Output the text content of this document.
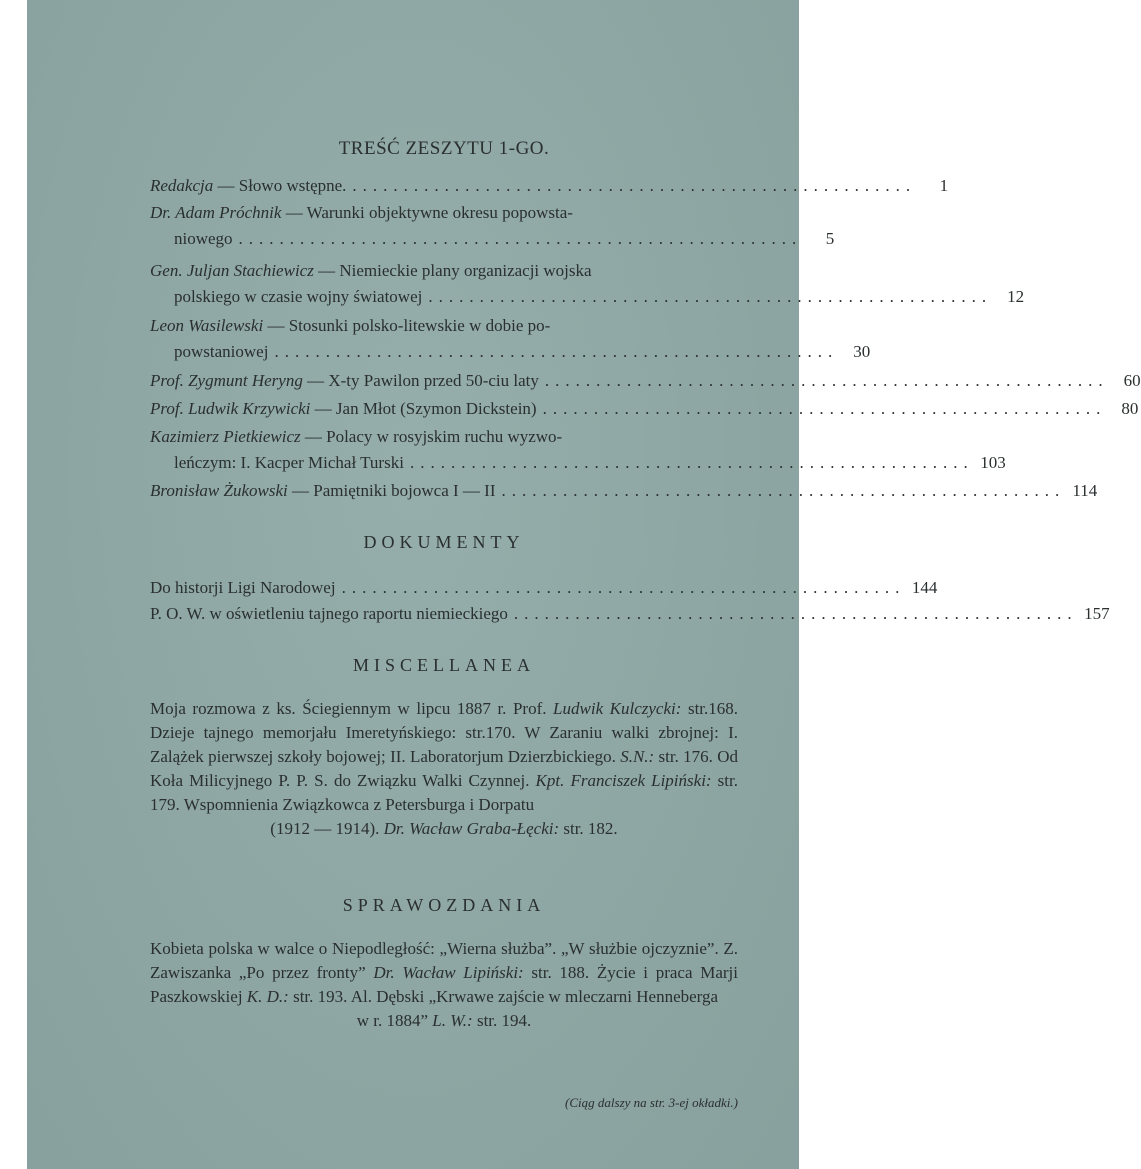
TREŚĆ ZESZYTU 1-GO.
Redakcja — Słowo wstępne. .......................................................	1
Dr. Adam Próchnik — Warunki objektywne okresu popowsta-
niowego .......................................................	5
Gen. Juljan Stachiewicz — Niemieckie plany organizacji wojska
polskiego w czasie wojny światowej ....................................................... 12
Leon Wasilewski — Stosunki polsko-litewskie w dobie po-
powstaniowej ....................................................... 30
Prof. Zygmunt Heryng — X-ty Pawilon przed 50-ciu laty ....................................................... 60
Prof. Ludwik Krzywicki — Jan Młot (Szymon Dickstein) ....................................................... 80
Kazimierz Pietkiewicz — Polacy w rosyjskim ruchu wyzwo-
leńczym: I. Kacper Michał Turski ....................................................... 103
Bronisław Żukowski — Pamiętniki bojowca I — II ....................................................... 114
DOKUMENTY
Do historji Ligi Narodowej ....................................................... 144
P. O. W. w oświetleniu tajnego raportu niemieckiego ....................................................... 157
MISCELLANEA
Moja rozmowa z ks. Ściegiennym w lipcu 1887 r. Prof. Ludwik Kulczycki: str.168. Dzieje tajnego memorjału Imeretyńskiego: str.170. W Zaraniu walki zbrojnej: I. Zalążek pierwszej szkoły bojowej; II. Laboratorjum Dzierzbickiego. S.N.: str. 176. Od Koła Milicyjnego P. P. S. do Związku Walki Czynnej. Kpt. Franciszek Lipiński: str. 179. Wspomnienia Związkowca z Petersburga i Dorpatu
(1912 — 1914). Dr. Wacław Graba-Łęcki: str. 182.
SPRAWOZDANIA
Kobieta polska w walce o Niepodległość: „Wierna służba”. „W służbie ojczyznie”. Z. Zawiszanka „Po przez fronty” Dr. Wacław Lipiński: str. 188. Życie i praca Marji Paszkowskiej K. D.: str. 193. Al. Dębski „Krwawe zajście w mleczarni Henneberga
w r. 1884” L. W.: str. 194.
(Ciąg dalszy na str. 3-ej okładki.)
